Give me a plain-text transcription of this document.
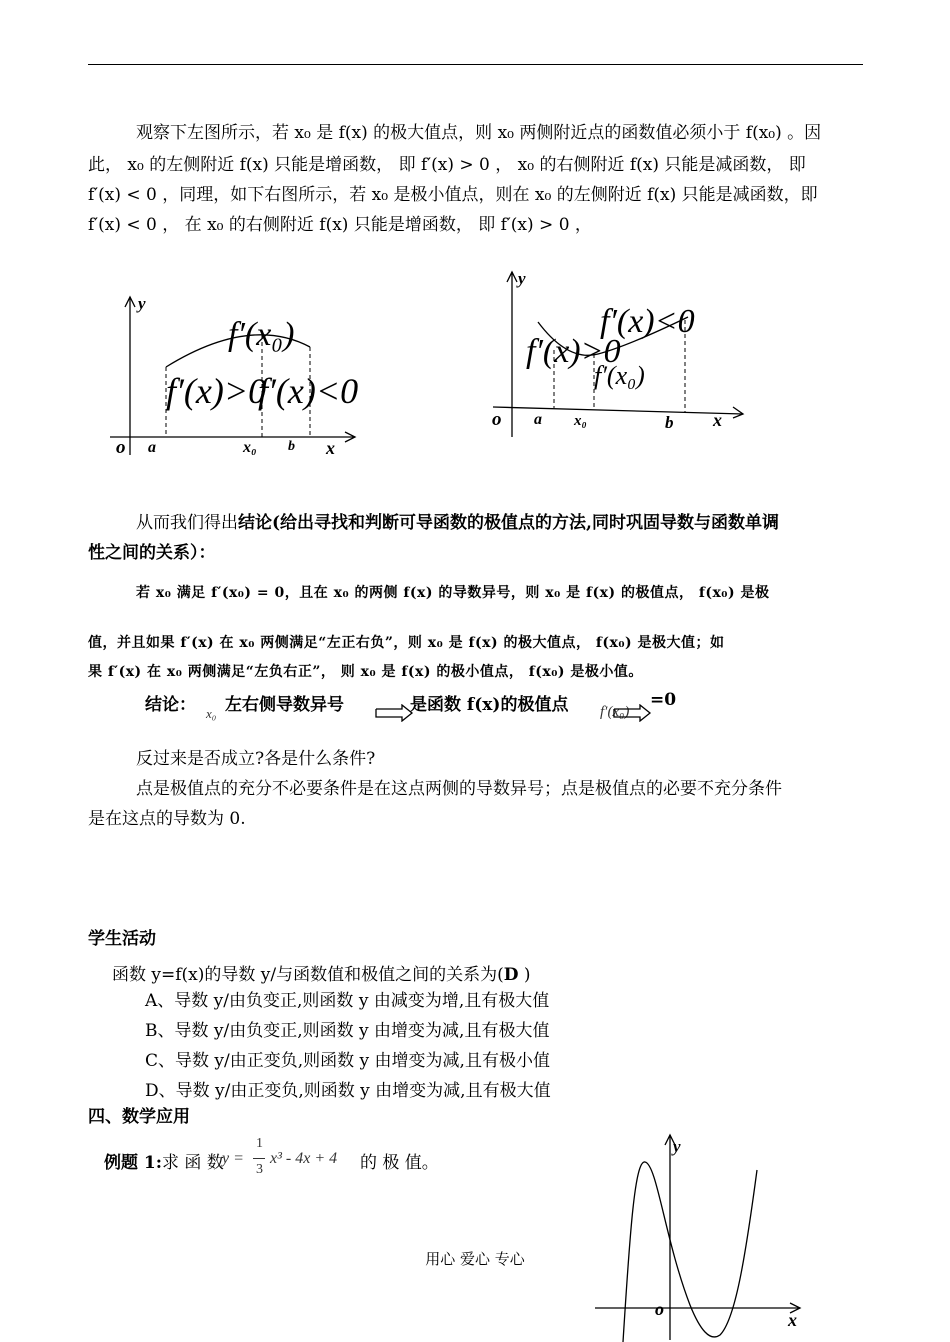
观察下左图所示，若 x₀ 是 f(x) 的极大值点，则 x₀ 两侧附近点的函数值必须小于 f(x₀) 。因
此， x₀ 的左侧附近 f(x) 只能是增函数， 即 f′(x) > 0 ， x₀ 的右侧附近 f(x) 只能是减函数， 即
f′(x) < 0 ，同理，如下右图所示，若 x₀ 是极小值点，则在 x₀ 的左侧附近 f(x) 只能是减函数，即
f′(x) < 0 ， 在 x₀ 的右侧附近 f(x) 只能是增函数， 即 f′(x) > 0 ，
y
o a	x₀ b x
f′(x₀)
f′(x)>0
f′(x)<0
y
o a x₀	b x
f′(x)>0
f′(x)<0
f′(x₀)
从而我们得出结论(给出寻找和判断可导函数的极值点的方法,同时巩固导数与函数单调
性之间的关系）：
若 x₀ 满足 f′(x₀) = 0，且在 x₀ 的两侧 f(x) 的导数异号，则 x₀ 是 f(x) 的极值点， f(x₀) 是极
值，并且如果 f′(x) 在 x₀ 两侧满足“左正右负”，则 x₀ 是 f(x) 的极大值点， f(x₀) 是极大值；如
果 f′(x) 在 x₀ 两侧满足“左负右正”， 则 x₀ 是 f(x) 的极小值点， f(x₀) 是极小值。
结论： x₀ 左右侧导数异号	是函数 f(x)的极值点 f′(x₀)
=0
反过来是否成立?各是什么条件?
点是极值点的充分不必要条件是在这点两侧的导数异号；点是极值点的必要不充分条件
是在这点的导数为 0.
学生活动
函数 y=f(x)的导数 y/与函数值和极值之间的关系为(D )
A、导数 y/由负变正,则函数 y 由减变为增,且有极大值
B、导数 y/由负变正,则函数 y 由增变为减,且有极大值
C、导数 y/由正变负,则函数 y 由增变为减,且有极小值
D、导数 y/由正变负,则函数 y 由增变为减,且有极大值
四、数学应用
例题 1:求 函 数
y =
1
3
x³ - 4x + 4 的 极 值。
y
o
x
用心 爱心 专心
